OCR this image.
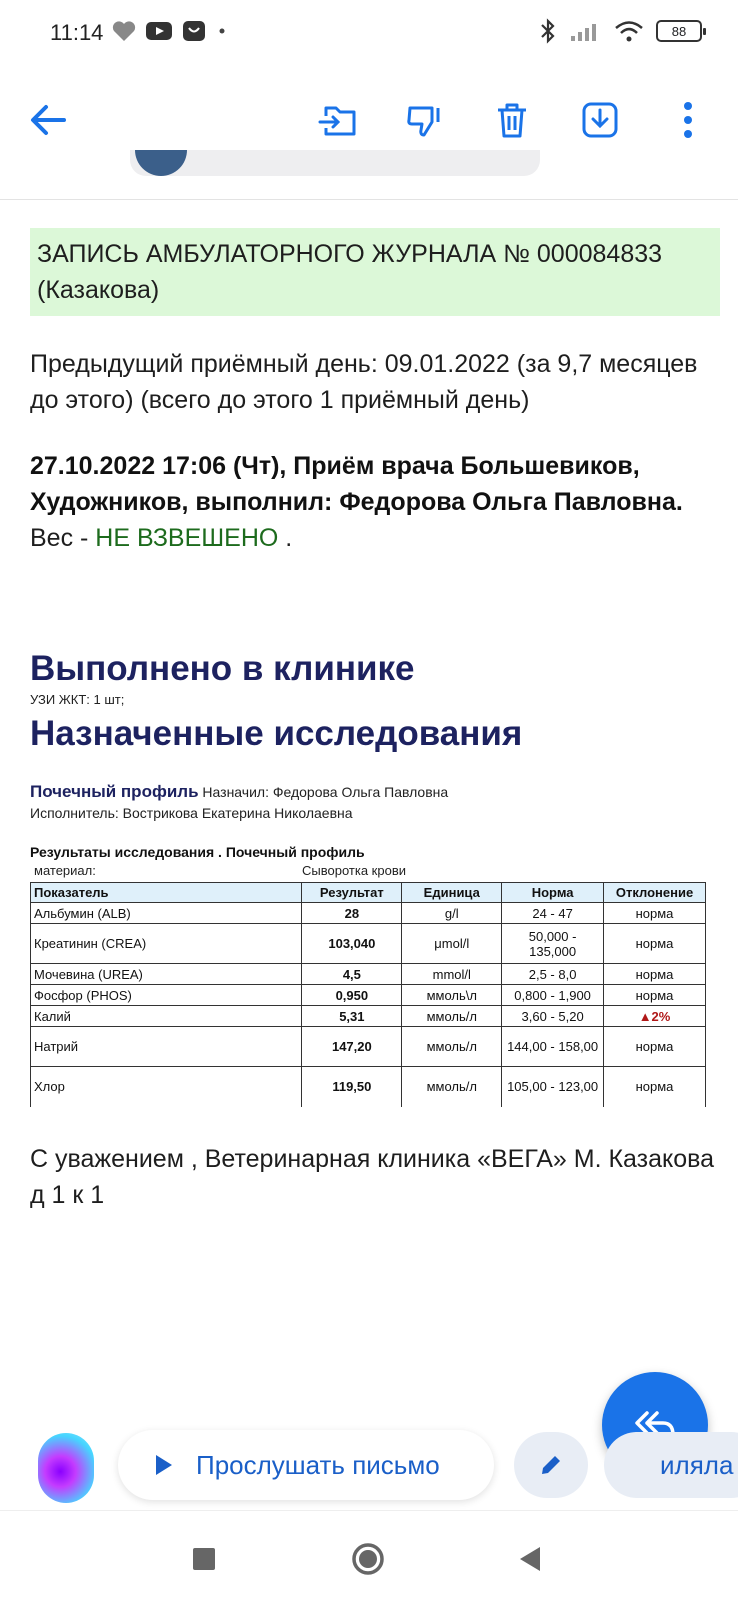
11:14	88
ЗАПИСЬ АМБУЛАТОРНОГО ЖУРНАЛА № 000084833 (Казакова)
Предыдущий приёмный день: 09.01.2022 (за 9,7 месяцев до этого) (всего до этого 1 приёмный день)
27.10.2022 17:06 (Чт), Приём врача Большевиков, Художников, выполнил: Федорова Ольга Павловна.
Вес - НЕ ВЗВЕШЕНО .
Выполнено в клинике
УЗИ ЖКТ: 1 шт;
Назначенные исследования
Почечный профиль Назначил: Федорова Ольга Павловна
Исполнитель: Вострикова Екатерина Николаевна
Результаты исследования . Почечный профиль
материал:	Сыворотка крови
Показатель	Результат	Единица	Норма	Отклонение
Альбумин (ALB)	28	g/l	24 - 47	норма
Креатинин (CREA)	103,040	μmol/l	50,000 - 135,000	норма
Мочевина (UREA)	4,5	mmol/l	2,5 - 8,0	норма
Фосфор (PHOS)	0,950	ммоль\л	0,800 - 1,900	норма
Калий	5,31	ммоль/л	3,60 - 5,20	▲2%
Натрий	147,20	ммоль/л	144,00 - 158,00	норма
Хлор	119,50	ммоль/л	105,00 - 123,00	норма
С уважением , Ветеринарная клиника «ВЕГА» М. Казакова д 1 к 1
Прослушать письмо	иляла
